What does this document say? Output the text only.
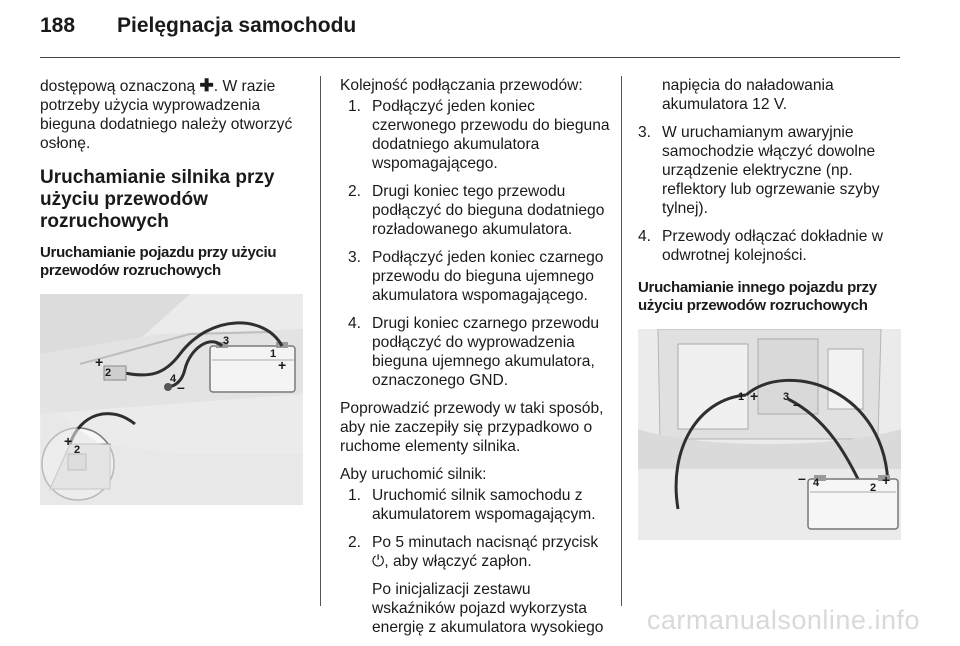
188 Pielęgnacja samochodu

dostępową oznaczoną ✚. W razie potrzeby użycia wyprowadzenia bieguna dodatniego należy otworzyć osłonę.

Uruchamianie silnika przy użyciu przewodów rozruchowych
Uruchamianie pojazdu przy użyciu przewodów rozruchowych
+
2	+
1
3
4 –
+
2

Kolejność podłączania przewodów:

1. Podłączyć jeden koniec czerwonego przewodu do bieguna dodatniego akumulatora wspomagającego.
2. Drugi koniec tego przewodu podłączyć do bieguna dodatniego rozładowanego akumulatora.
3. Podłączyć jeden koniec czarnego przewodu do bieguna ujemnego akumulatora wspomagającego.
4. Drugi koniec czarnego przewodu podłączyć do wyprowadzenia bieguna ujemnego akumulatora, oznaczonego GND.

Poprowadzić przewody w taki sposób, aby nie zaczepiły się przypadkowo o ruchome elementy silnika.

Aby uruchomić silnik:

1. Uruchomić silnik samochodu z akumulatorem wspomagającym.
2. Po 5 minutach nacisnąć przycisk ⏻, aby włączyć zapłon.
Po inicjalizacji zestawu wskaźników pojazd wykorzysta energię z akumulatora wysokiego
napięcia do naładowania akumulatora 12 V.
3. W uruchamianym awaryjnie samochodzie włączyć dowolne urządzenie elektryczne (np. reflektory lub ogrzewanie szyby tylnej).
4. Przewody odłączać dokładnie w odwrotnej kolejności.
Uruchamianie innego pojazdu przy użyciu przewodów rozruchowych
1 + 3 –
– 4	2 +
carmanualsonline.info
